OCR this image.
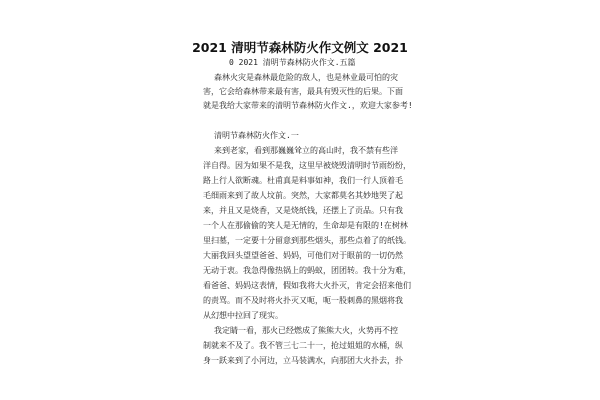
2021 清明节森林防火作文例文 2021
0 2021 清明节森林防火作文.五篇
森林火灾是森林最危险的敌人，也是林业最可怕的灾
害，它会给森林带来最有害，最具有毁灭性的后果。下面
就是我给大家带来的清明节森林防火作文.，欢迎大家参考!
清明节森林防火作文.一
来到老家，看到那巍巍耸立的高山时，我不禁有些洋
洋自得。因为如果不是我，这里早被烧毁清明时节雨纷纷，
路上行人欲断魂。杜甫真是料事如神，我们一行人顶着毛
毛细雨来到了故人坟前。突然，大家都莫名其妙地哭了起
来，并且又是烧香，又是烧纸钱，还摆上了贡品。只有我
一个人在那偷偷的笑人是无情的，生命却是有限的!在树林
里扫墓，一定要十分留意到那些烟头，那些点着了的纸钱。
大丽我回头望望爸爸、妈妈，可他们对于眼前的一切仍然
无动于衷。我急得像热锅上的蚂蚁，团团转。我十分为难，
看爸爸、妈妈这表情，假如我将大火扑灭，肯定会招来他们
的责骂。而不及时将火扑灭又呃，呃一股刺鼻的黑烟将我
从幻想中拉回了现实。
我定睛一看，那火已经燃成了熊熊大火，火势再不控
制就来不及了。我不管三七二十一，抢过姐姐的水桶，纵
身一跃来到了小河边，立马装满水，向那团大火扑去，扑
